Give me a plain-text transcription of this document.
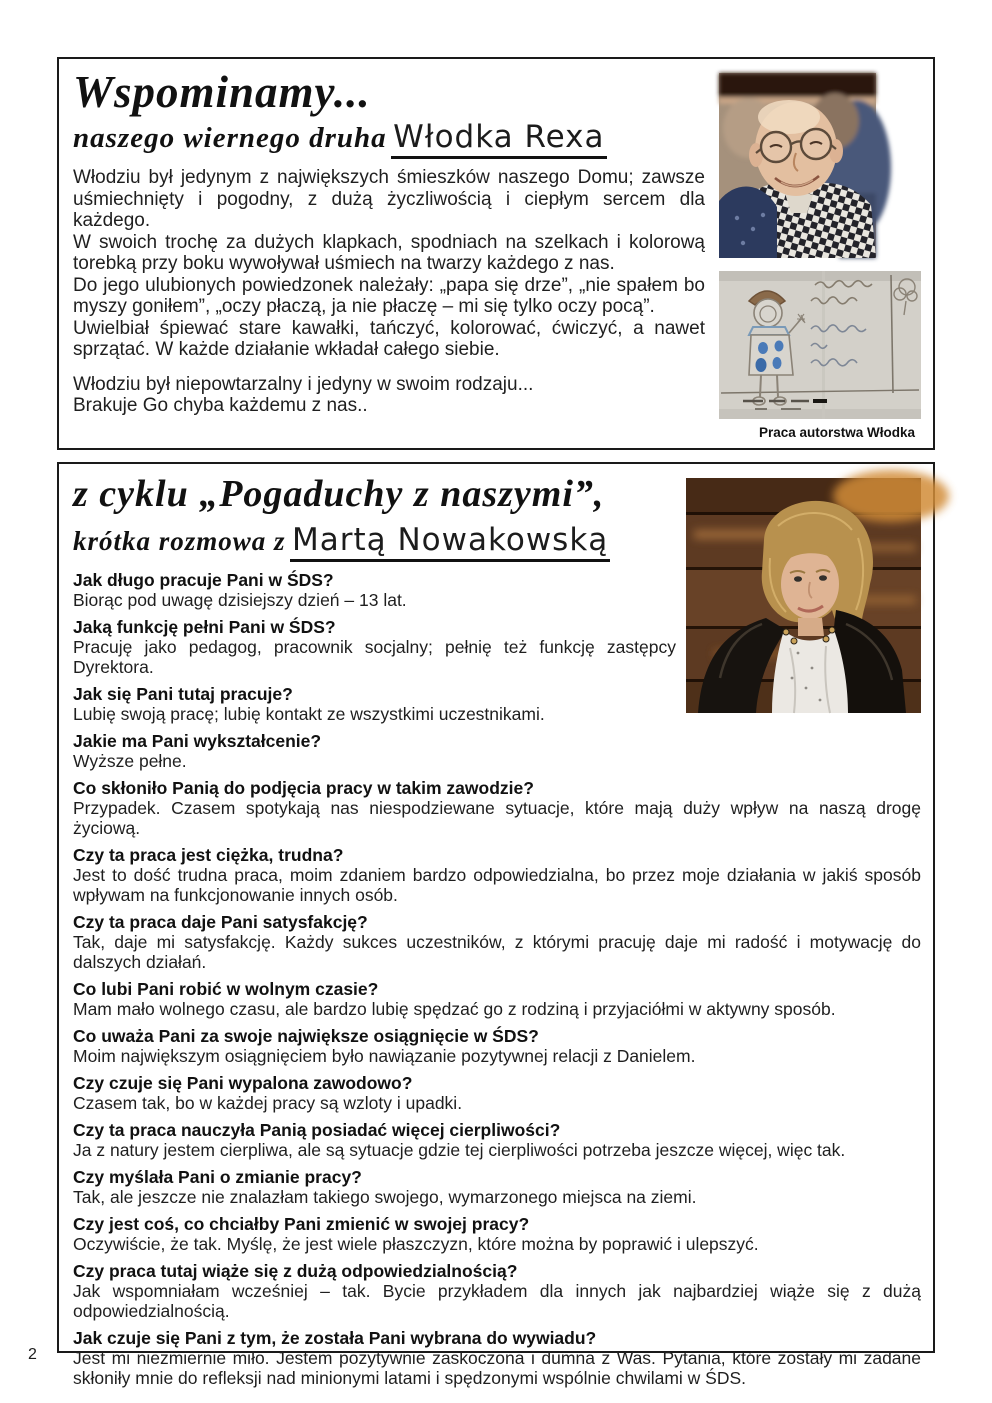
Praca autorstwa Włodka
Wspominamy...
naszego wiernego druha Włodka Rexa

Włodziu był jedynym z największych śmieszków naszego Domu; zawsze uśmiechnięty i pogodny, z dużą życzliwością i ciepłym sercem dla każdego.

W swoich trochę za dużych klapkach, spodniach na szelkach i kolorową torebką przy boku wywoływał uśmiech na twarzy każdego z nas.

Do jego ulubionych powiedzonek należały: „papa się drze”, „nie spałem bo myszy goniłem”, „oczy płaczą, ja nie płaczę – mi się tylko oczy pocą”.

Uwielbiał śpiewać stare kawałki, tańczyć, kolorować, ćwiczyć, a nawet sprzątać. W każde działanie wkładał całego siebie.

Włodziu był niepowtarzalny i jedyny w swoim rodzaju...

Brakuje Go chyba każdemu z nas..

z cyklu „Pogaduchy z naszymi”,
krótka rozmowa z Martą Nowakowską
Jak długo pracuje Pani w ŚDS?
Biorąc pod uwagę dzisiejszy dzień – 13 lat.
Jaką funkcję pełni Pani w ŚDS?
Pracuję jako pedagog, pracownik socjalny; pełnię też funkcję zastępcy Dyrektora.
Jak się Pani tutaj pracuje?
Lubię swoją pracę; lubię kontakt ze wszystkimi uczestnikami.
Jakie ma Pani wykształcenie?
Wyższe pełne.
Co skłoniło Panią do podjęcia pracy w takim zawodzie?
Przypadek. Czasem spotykają nas niespodziewane sytuacje, które mają duży wpływ na naszą drogę życiową.
Czy ta praca jest ciężka, trudna?
Jest to dość trudna praca, moim zdaniem bardzo odpowiedzialna, bo przez moje działania w jakiś sposób wpływam na funkcjonowanie innych osób.
Czy ta praca daje Pani satysfakcję?
Tak, daje mi satysfakcję. Każdy sukces uczestników, z którymi pracuję daje mi radość i motywację do dalszych działań.
Co lubi Pani robić w wolnym czasie?
Mam mało wolnego czasu, ale bardzo lubię spędzać go z rodziną i przyjaciółmi w aktywny sposób.
Co uważa Pani za swoje największe osiągnięcie w ŚDS?
Moim największym osiągnięciem było nawiązanie pozytywnej relacji z Danielem.
Czy czuje się Pani wypalona zawodowo?
Czasem tak, bo w każdej pracy są wzloty i upadki.
Czy ta praca nauczyła Panią posiadać więcej cierpliwości?
Ja z natury jestem cierpliwa, ale są sytuacje gdzie tej cierpliwości potrzeba jeszcze więcej, więc tak.
Czy myślała Pani o zmianie pracy?
Tak, ale jeszcze nie znalazłam takiego swojego, wymarzonego miejsca na ziemi.
Czy jest coś, co chciałby Pani zmienić w swojej pracy?
Oczywiście, że tak. Myślę, że jest wiele płaszczyzn, które można by poprawić i ulepszyć.
Czy praca tutaj wiąże się z dużą odpowiedzialnością?
Jak wspomniałam wcześniej – tak. Bycie przykładem dla innych jak najbardziej wiąże się z dużą odpowiedzialnością.
Jak czuje się Pani z tym, że została Pani wybrana do wywiadu?
Jest mi niezmiernie miło. Jestem pozytywnie zaskoczona i dumna z Was. Pytania, które zostały mi zadane skłoniły mnie do refleksji nad minionymi latami i spędzonymi wspólnie chwilami w ŚDS.
2
